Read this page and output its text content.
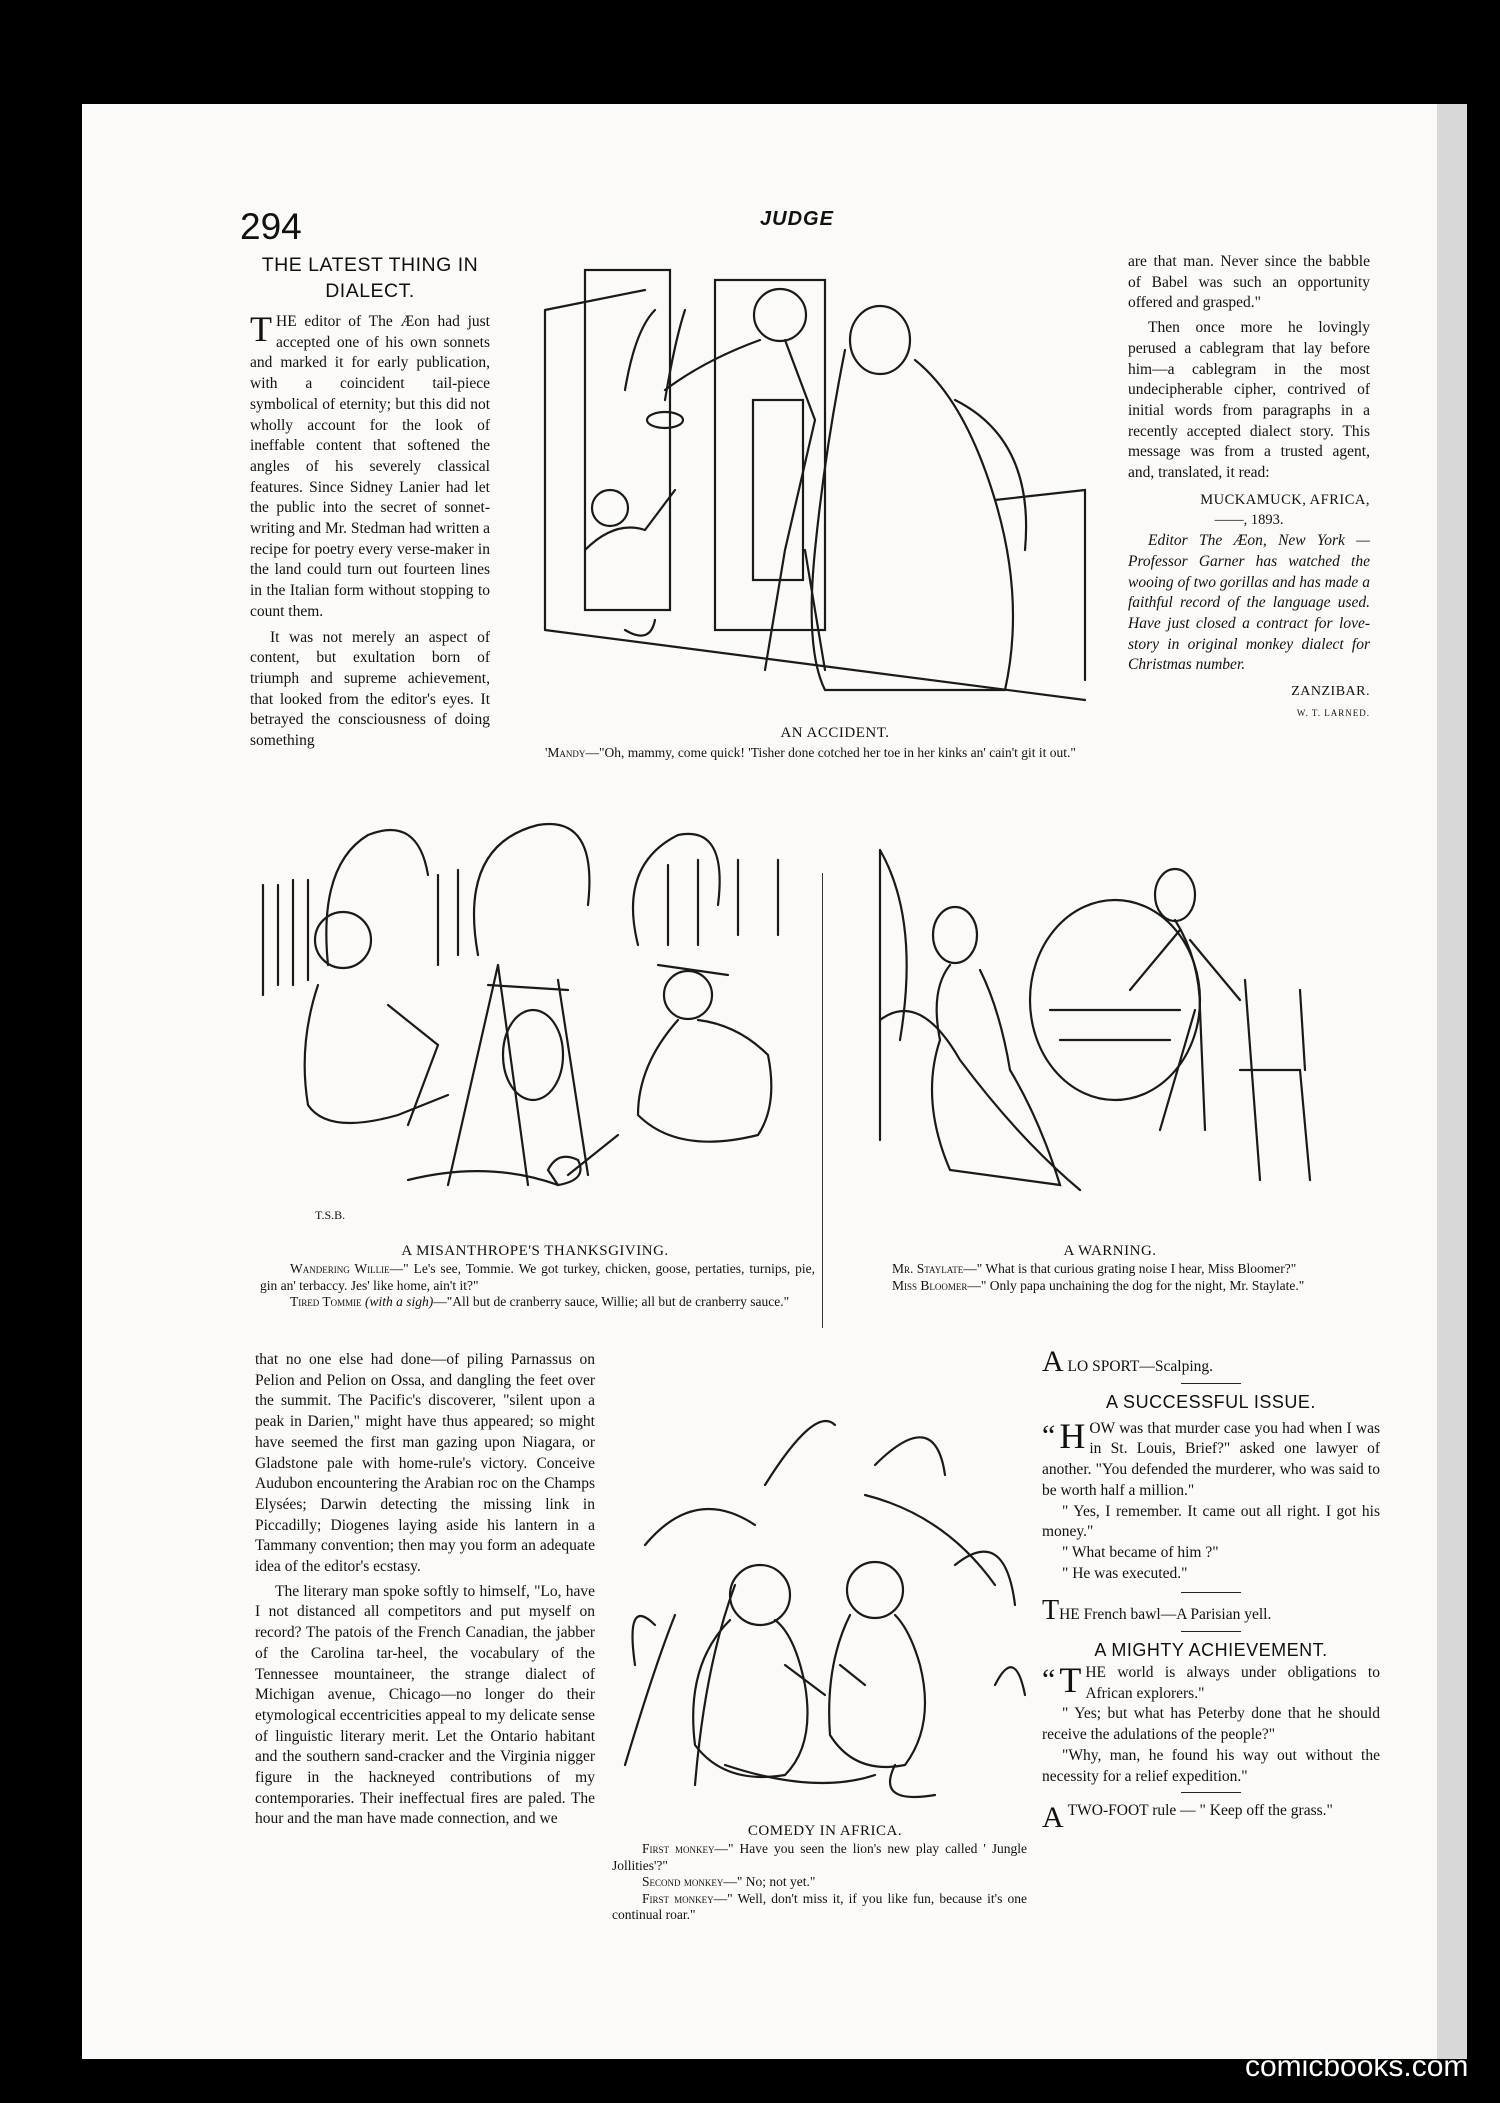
294	JUDGE
THE LATEST THING IN DIALECT.

THE editor of The Æon had just accepted one of his own sonnets and marked it for early publication, with a coincident tail-piece symbolical of eternity; but this did not wholly account for the look of ineffable content that softened the angles of his severely classical features. Since Sidney Lanier had let the public into the secret of sonnet-writing and Mr. Stedman had written a recipe for poetry every verse-maker in the land could turn out fourteen lines in the Italian form without stopping to count them.

It was not merely an aspect of content, but exultation born of triumph and supreme achievement, that looked from the editor's eyes. It betrayed the consciousness of doing something	AN ACCIDENT.
'Mandy—"Oh, mammy, come quick! 'Tisher done cotched her toe in her kinks an' cain't git it out."

are that man. Never since the babble of Babel was such an opportunity offered and grasped."

Then once more he lovingly perused a cablegram that lay before him—a cablegram in the most undecipherable cipher, contrived of initial words from paragraphs in a recently accepted dialect story. This message was from a trusted agent, and, translated, it read:

MUCKAMUCK, AFRICA,

——, 1893.

Editor The Æon, New York — Professor Garner has watched the wooing of two gorillas and has made a faithful record of the language used. Have just closed a contract for love-story in original monkey dialect for Christmas number.

ZANZIBAR.

W. T. LARNED.

T.S.B.
A MISANTHROPE'S THANKSGIVING.
Wandering Willie—" Le's see, Tommie. We got turkey, chicken, goose, pertaties, turnips, pie, gin an' terbaccy. Jes' like home, ain't it?"
Tired Tommie (with a sigh)—"All but de cranberry sauce, Willie; all but de cranberry sauce."
A WARNING.
Mr. Staylate—" What is that curious grating noise I hear, Miss Bloomer?"
Miss Bloomer—" Only papa unchaining the dog for the night, Mr. Staylate."

that no one else had done—of piling Parnassus on Pelion and Pelion on Ossa, and dangling the feet over the summit. The Pacific's discoverer, "silent upon a peak in Darien," might have thus appeared; so might have seemed the first man gazing upon Niagara, or Gladstone pale with home-rule's victory. Conceive Audubon encountering the Arabian roc on the Champs Elysées; Darwin detecting the missing link in Piccadilly; Diogenes laying aside his lantern in a Tammany convention; then may you form an adequate idea of the editor's ecstasy.

The literary man spoke softly to himself, "Lo, have I not distanced all competitors and put myself on record? The patois of the French Canadian, the jabber of the Carolina tar-heel, the vocabulary of the Tennessee mountaineer, the strange dialect of Michigan avenue, Chicago—no longer do their etymological eccentricities appeal to my delicate sense of linguistic literary merit. Let the Ontario habitant and the southern sand-cracker and the Virginia nigger figure in the hackneyed contributions of my contemporaries. Their ineffectual fires are paled. The hour and the man have made connection, and we

COMEDY IN AFRICA.
First monkey—" Have you seen the lion's new play called ' Jungle Jollities'?"
Second monkey—" No; not yet."
First monkey—" Well, don't miss it, if you like fun, because it's one continual roar."

A LO SPORT—Scalping.

A SUCCESSFUL ISSUE.

“ H OW was that murder case you had when I was in St. Louis, Brief?" asked one lawyer of another. "You defended the murderer, who was said to be worth half a million."

" Yes, I remember. It came out all right. I got his money."

" What became of him ?"

" He was executed."

THE French bawl—A Parisian yell.

A MIGHTY ACHIEVEMENT.

“ T HE world is always under obligations to African explorers."

" Yes; but what has Peterby done that he should receive the adulations of the people?"

"Why, man, he found his way out without the necessity for a relief expedition."

ATWO-FOOT rule — " Keep off the grass."

comicbooks.com
